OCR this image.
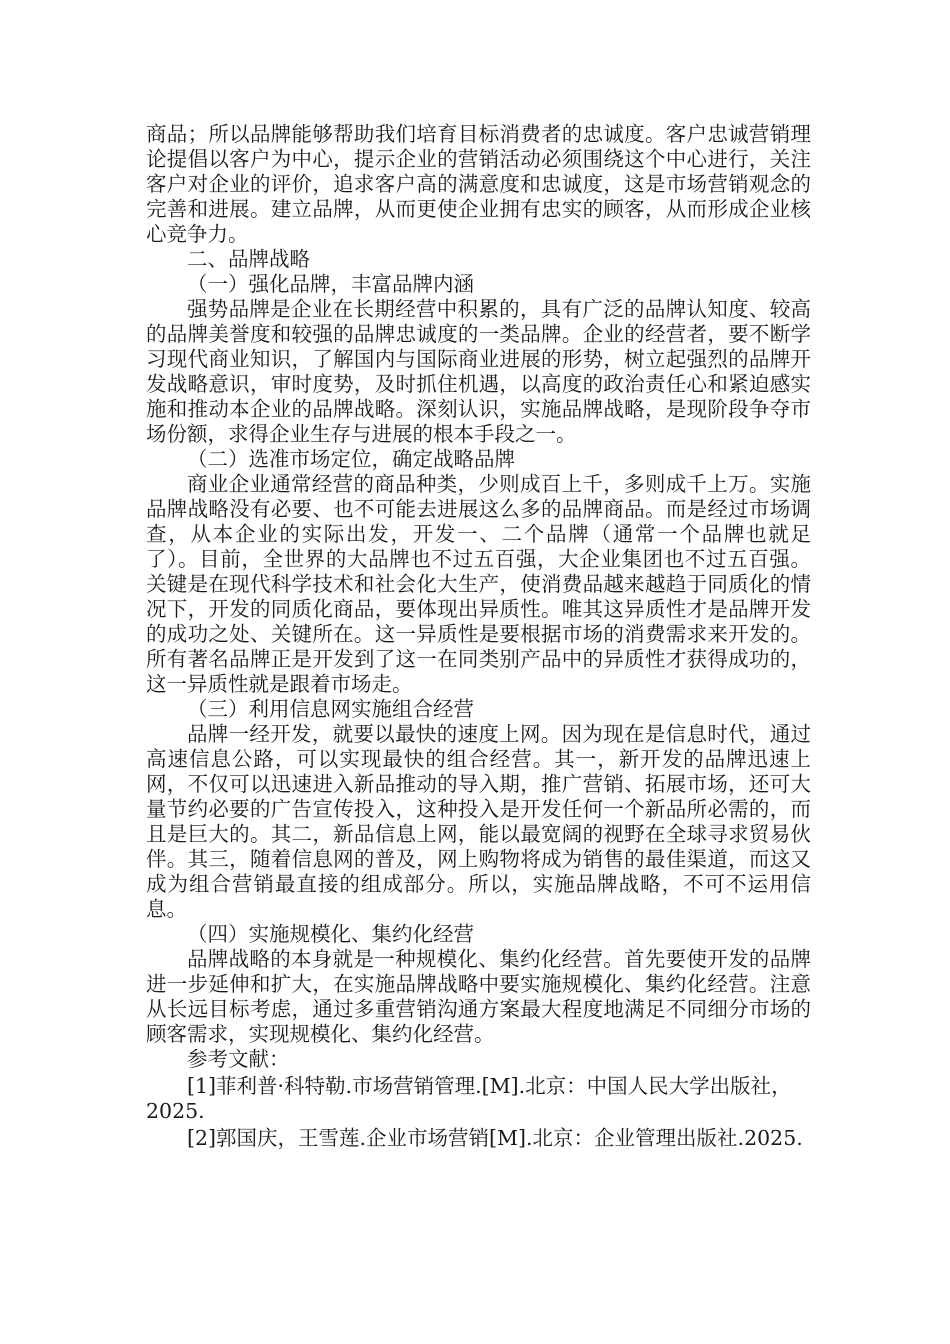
商品；所以品牌能够帮助我们培育目标消费者的忠诚度。客户忠诚营销理论提倡以客户为中心，提示企业的营销活动必须围绕这个中心进行，关注客户对企业的评价，追求客户高的满意度和忠诚度，这是市场营销观念的完善和进展。建立品牌，从而更使企业拥有忠实的顾客，从而形成企业核心竞争力。

二、品牌战略

（一）强化品牌，丰富品牌内涵

强势品牌是企业在长期经营中积累的，具有广泛的品牌认知度、较高的品牌美誉度和较强的品牌忠诚度的一类品牌。企业的经营者，要不断学习现代商业知识，了解国内与国际商业进展的形势，树立起强烈的品牌开发战略意识，审时度势，及时抓住机遇，以高度的政治责任心和紧迫感实施和推动本企业的品牌战略。深刻认识，实施品牌战略，是现阶段争夺市场份额，求得企业生存与进展的根本手段之一。

（二）选准市场定位，确定战略品牌

商业企业通常经营的商品种类，少则成百上千，多则成千上万。实施品牌战略没有必要、也不可能去进展这么多的品牌商品。而是经过市场调查，从本企业的实际出发，开发一、二个品牌（通常一个品牌也就足了）。目前，全世界的大品牌也不过五百强，大企业集团也不过五百强。关键是在现代科学技术和社会化大生产，使消费品越来越趋于同质化的情况下，开发的同质化商品，要体现出异质性。唯其这异质性才是品牌开发的成功之处、关键所在。这一异质性是要根据市场的消费需求来开发的。所有著名品牌正是开发到了这一在同类别产品中的异质性才获得成功的，这一异质性就是跟着市场走。

（三）利用信息网实施组合经营

品牌一经开发，就要以最快的速度上网。因为现在是信息时代，通过高速信息公路，可以实现最快的组合经营。其一，新开发的品牌迅速上网，不仅可以迅速进入新品推动的导入期，推广营销、拓展市场，还可大量节约必要的广告宣传投入，这种投入是开发任何一个新品所必需的，而且是巨大的。其二，新品信息上网，能以最宽阔的视野在全球寻求贸易伙伴。其三，随着信息网的普及，网上购物将成为销售的最佳渠道，而这又成为组合营销最直接的组成部分。所以，实施品牌战略，不可不运用信息。

（四）实施规模化、集约化经营

品牌战略的本身就是一种规模化、集约化经营。首先要使开发的品牌进一步延伸和扩大，在实施品牌战略中要实施规模化、集约化经营。注意从长远目标考虑，通过多重营销沟通方案最大程度地满足不同细分市场的顾客需求，实现规模化、集约化经营。

参考文献：

[1]菲利普·科特勒.市场营销管理.[M].北京：中国人民大学出版社，2025.

[2]郭国庆，王雪莲.企业市场营销[M].北京：企业管理出版社.2025.
